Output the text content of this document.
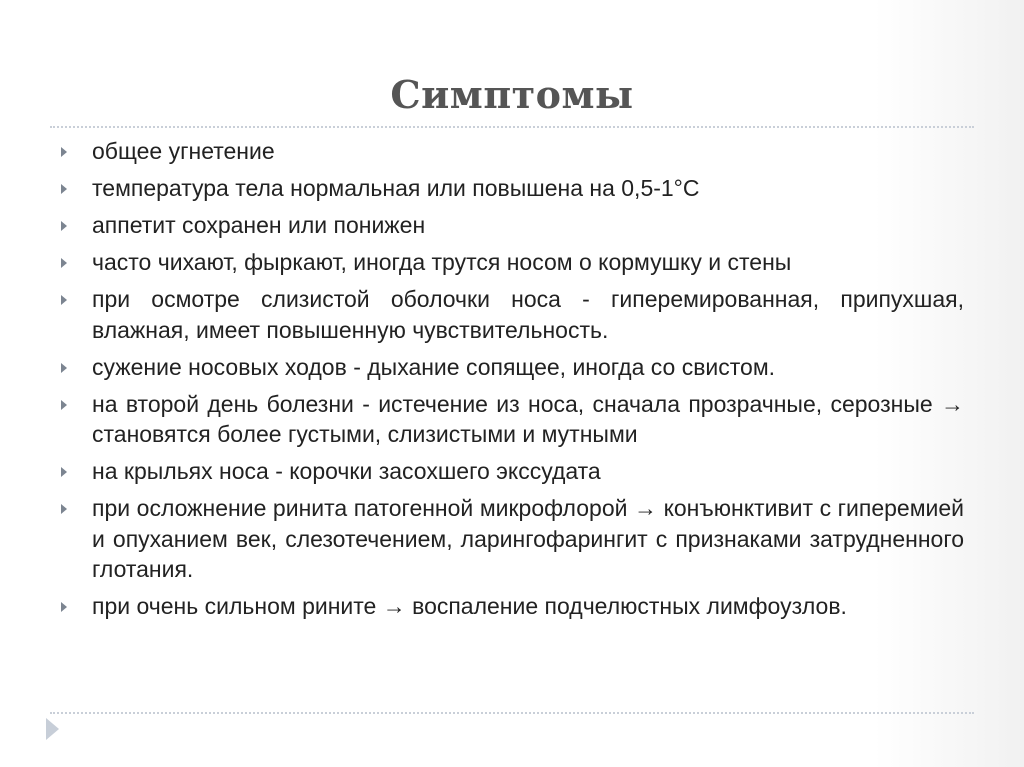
Симптомы
общее угнетение
температура тела нормальная или повышена на 0,5-1°С
аппетит сохранен или понижен
часто чихают, фыркают, иногда трутся носом о кормушку и стены
при осмотре слизистой оболочки носа - гиперемированная, припухшая, влажная, имеет повышенную чувствительность.
сужение носовых ходов - дыхание сопящее, иногда со свистом.
на второй день болезни - истечение из носа, сначала прозрачные, серозные → становятся более густыми, слизистыми и мутными
на крыльях носа - корочки засохшего экссудата
при осложнение ринита патогенной микрофлорой → конъюнктивит с гиперемией и опуханием век, слезотечением, ларингофарингит с признаками затрудненного глотания.
при очень сильном рините → воспаление подчелюстных лимфоузлов.
